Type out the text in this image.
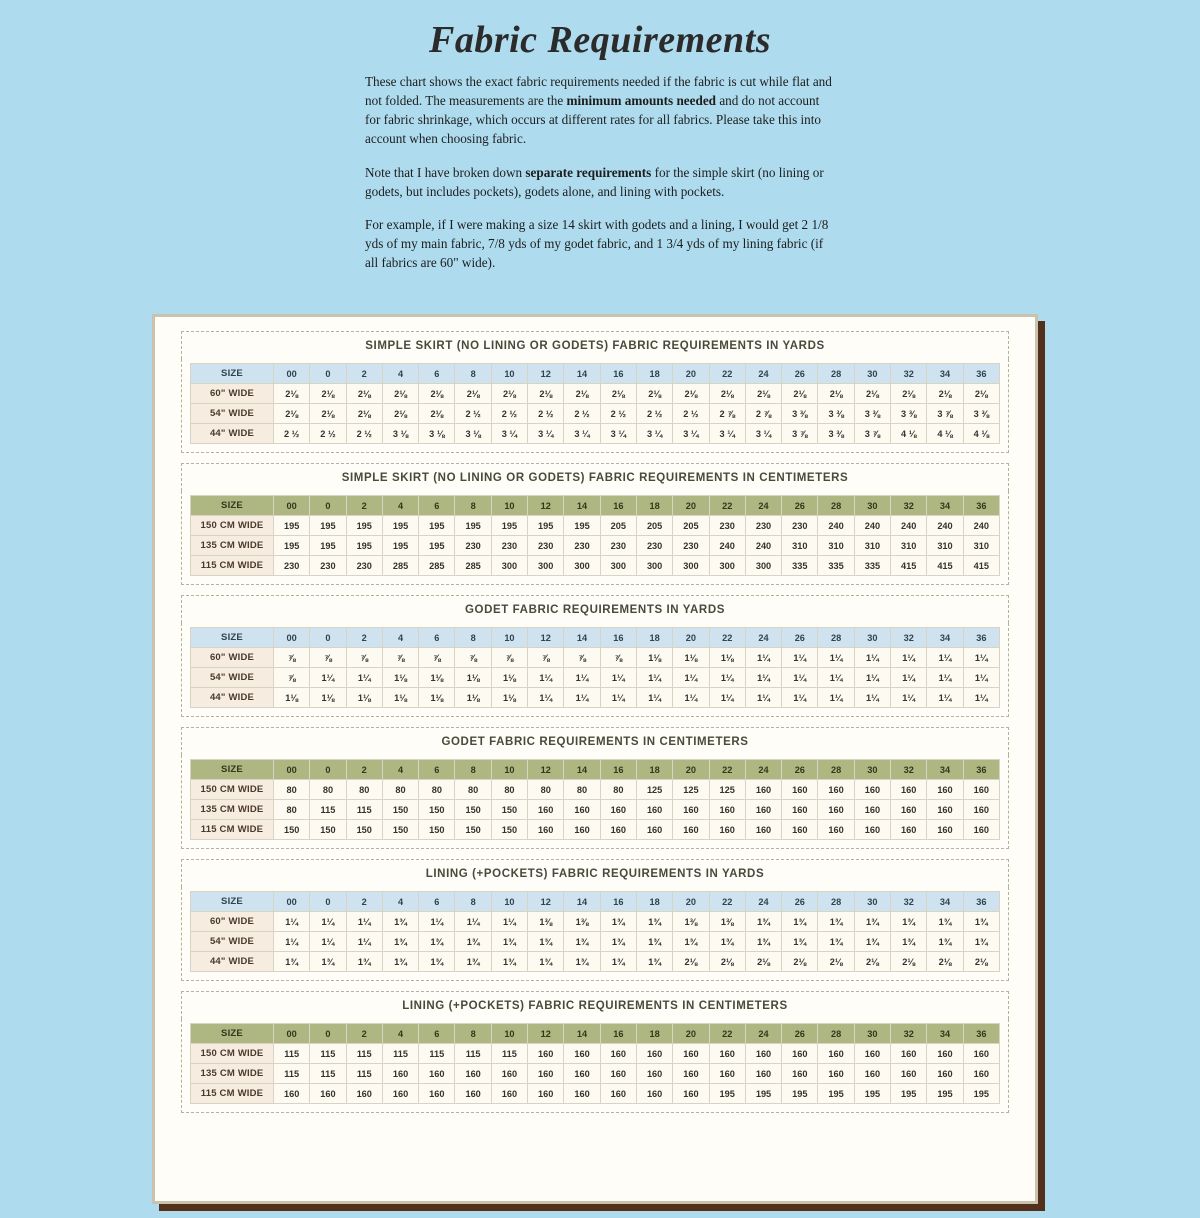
Fabric Requirements

These chart shows the exact fabric requirements needed if the fabric is cut while flat and not folded. The measurements are the minimum amounts needed and do not account for fabric shrinkage, which occurs at different rates for all fabrics. Please take this into account when choosing fabric.

Note that I have broken down separate requirements for the simple skirt (no lining or godets, but includes pockets), godets alone, and lining with pockets.

For example, if I were making a size 14 skirt with godets and a lining, I would get 2 1/8 yds of my main fabric, 7/8 yds of my godet fabric, and 1 3/4 yds of my lining fabric (if all fabrics are 60" wide).

SIMPLE SKIRT (NO LINING OR GODETS) FABRIC REQUIREMENTS IN YARDS
SIZE	00	0	2	4	6	8	10	12	14	16	18	20	22	24	26	28	30	32	34	36
60" WIDE	2⅛	2⅛	2⅛	2⅛	2⅛	2⅛	2⅛	2⅛	2⅛	2⅛	2⅛	2⅛	2⅛	2⅛	2⅛	2⅛	2⅛	2⅛	2⅛	2⅛
54" WIDE	2⅛	2⅛	2⅛	2⅛	2⅛	2 ½	2 ½	2 ½	2 ½	2 ½	2 ½	2 ½	2 ⅞	2 ⅞	3 ⅜	3 ⅜	3 ⅜	3 ⅜	3 ⅞	3 ⅜
44" WIDE	2 ½	2 ½	2 ½	3 ⅛	3 ⅛	3 ⅛	3 ¼	3 ¼	3 ¼	3 ¼	3 ¼	3 ¼	3 ¼	3 ¼	3 ⅞	3 ⅜	3 ⅞	4 ⅛	4 ⅛	4 ⅛
SIMPLE SKIRT (NO LINING OR GODETS) FABRIC REQUIREMENTS IN CENTIMETERS
SIZE	00	0	2	4	6	8	10	12	14	16	18	20	22	24	26	28	30	32	34	36
150 CM WIDE	195	195	195	195	195	195	195	195	195	205	205	205	230	230	230	240	240	240	240	240
135 CM WIDE	195	195	195	195	195	230	230	230	230	230	230	230	240	240	310	310	310	310	310	310
115 CM WIDE	230	230	230	285	285	285	300	300	300	300	300	300	300	300	335	335	335	415	415	415
GODET FABRIC REQUIREMENTS IN YARDS
SIZE	00	0	2	4	6	8	10	12	14	16	18	20	22	24	26	28	30	32	34	36
60" WIDE	⅞	⅞	⅞	⅞	⅞	⅞	⅞	⅞	⅞	⅞	1⅛	1⅛	1⅛	1¼	1¼	1¼	1¼	1¼	1¼	1¼
54" WIDE	⅞	1¼	1¼	1⅛	1⅛	1⅛	1⅛	1¼	1¼	1¼	1¼	1¼	1¼	1¼	1¼	1¼	1¼	1¼	1¼	1¼
44" WIDE	1⅛	1⅛	1⅛	1⅛	1⅛	1⅛	1⅛	1¼	1¼	1¼	1¼	1¼	1¼	1¼	1¼	1¼	1¼	1¼	1¼	1¼
GODET FABRIC REQUIREMENTS IN CENTIMETERS
SIZE	00	0	2	4	6	8	10	12	14	16	18	20	22	24	26	28	30	32	34	36
150 CM WIDE	80	80	80	80	80	80	80	80	80	80	125	125	125	160	160	160	160	160	160	160
135 CM WIDE	80	115	115	150	150	150	150	160	160	160	160	160	160	160	160	160	160	160	160	160
115 CM WIDE	150	150	150	150	150	150	150	160	160	160	160	160	160	160	160	160	160	160	160	160
LINING (+POCKETS) FABRIC REQUIREMENTS IN YARDS
SIZE	00	0	2	4	6	8	10	12	14	16	18	20	22	24	26	28	30	32	34	36
60" WIDE	1¼	1¼	1¼	1¾	1¼	1¼	1¼	1⅜	1⅜	1¾	1¾	1⅜	1⅜	1¾	1¾	1¾	1¾	1¾	1¾	1¾
54" WIDE	1¼	1¼	1¼	1¾	1¾	1¾	1¾	1¾	1¾	1¾	1¾	1¾	1¾	1¾	1¾	1¾	1¾	1¾	1¾	1¾
44" WIDE	1¾	1¾	1¾	1¾	1¾	1¾	1¾	1¾	1¾	1¾	1¾	2⅛	2⅛	2⅛	2⅛	2⅛	2⅛	2⅛	2⅛	2⅛
LINING (+POCKETS) FABRIC REQUIREMENTS IN CENTIMETERS
SIZE	00	0	2	4	6	8	10	12	14	16	18	20	22	24	26	28	30	32	34	36
150 CM WIDE	115	115	115	115	115	115	115	160	160	160	160	160	160	160	160	160	160	160	160	160
135 CM WIDE	115	115	115	160	160	160	160	160	160	160	160	160	160	160	160	160	160	160	160	160
115 CM WIDE	160	160	160	160	160	160	160	160	160	160	160	160	195	195	195	195	195	195	195	195
